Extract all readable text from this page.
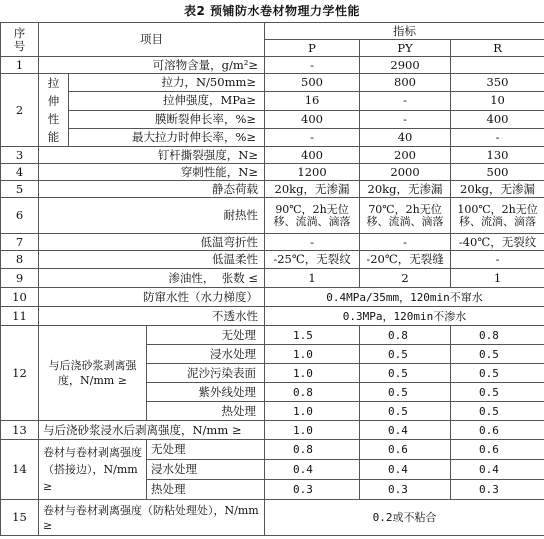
表2 预铺防水卷材物理力学性能
序
号	项目			指标		
				P	PY	R
1	可溶物含量，g/m²≥			-	2900	
2	拉伸性能	拉力，N/50mm≥		500	800	350
		拉伸强度，MPa≥		16	-	10
		膜断裂伸长率，%≥		400	-	400
		最大拉力时伸长率，%≥		-	40	-
3	钉杆撕裂强度，N≥			400	200	130
4	穿刺性能，N≥			1200	2000	500
5	静态荷载			20kg，无渗漏	20kg，无渗漏	20kg，无渗漏
6	耐热性			90℃，2h无位移、流淌、滴落	70℃，2h无位移、流淌、滴落	100℃，2h无位移、流淌、滴落
7	低温弯折性			-	-	-40℃，无裂纹
8	低温柔性			-25℃，无裂纹	-20℃，无裂缝	-
9	渗油性，  张数 ≤			1	2	1
10	防窜水性（水力梯度）			0.4MPa/35mm，120min不窜水		
11	不透水性			0.3MPa，120min不渗水		
12	与后浇砂浆剥离强度，N/mm ≥		无处理	1.5	0.8	0.8
			浸水处理	1.0	0.5	0.5
			泥沙污染表面	1.0	0.5	0.5
			紫外线处理	0.8	0.5	0.5
			热处理	1.0	0.5	0.5
13	与后浇砂浆浸水后剥离强度，N/mm ≥			1.0	0.4	0.6
14	卷材与卷材剥离强度（搭接边），N/mm ≥		无处理	0.8	0.6	0.6
			浸水处理	0.4	0.4	0.4
			热处理	0.3	0.3	0.3
15	卷材与卷材剥离强度（防粘处理处），N/mm ≥			0.2或不粘合		
